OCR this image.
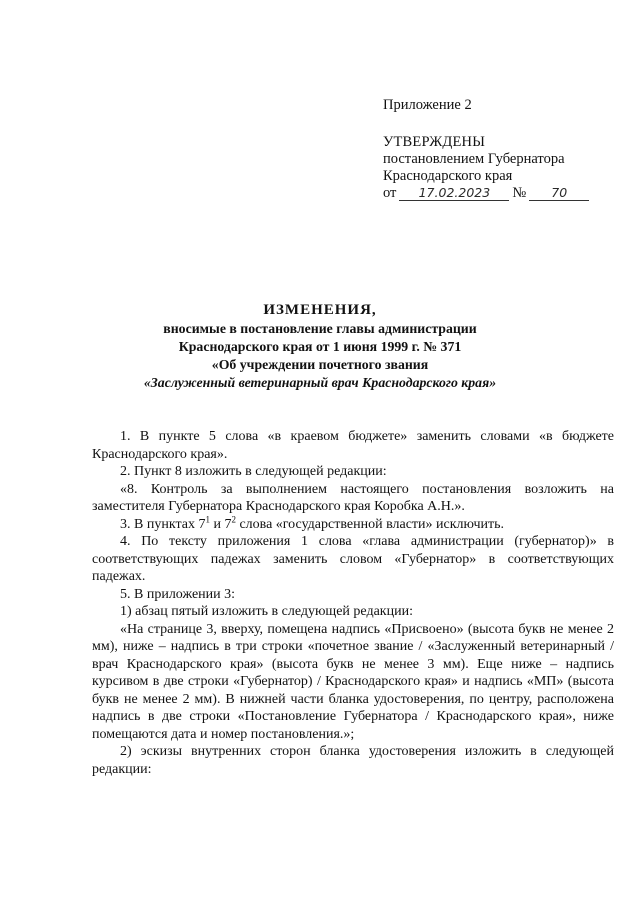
Приложение 2
УТВЕРЖДЕНЫ
постановлением Губернатора
Краснодарского края
от 17.02.2023 № 70
ИЗМЕНЕНИЯ,
вносимые в постановление главы администрации
Краснодарского края от 1 июня 1999 г. № 371
«Об учреждении почетного звания
«Заслуженный ветеринарный врач Краснодарского края»

1. В пункте 5 слова «в краевом бюджете» заменить словами «в бюджете Краснодарского края».

2. Пункт 8 изложить в следующей редакции:

«8. Контроль за выполнением настоящего постановления возложить на заместителя Губернатора Краснодарского края Коробка А.Н.».

3. В пунктах $7^1$ и $7^2$ слова «государственной власти» исключить.

4. По тексту приложения 1 слова «глава администрации (губернатор)» в соответствующих падежах заменить словом «Губернатор» в соответствующих падежах.

5. В приложении 3:

1) абзац пятый изложить в следующей редакции:

«На странице 3, вверху, помещена надпись «Присвоено» (высота букв не менее 2 мм), ниже – надпись в три строки «почетное звание / «Заслуженный ветеринарный / врач Краснодарского края» (высота букв не менее 3 мм). Еще ниже – надпись курсивом в две строки «Губернатор) / Краснодарского края» и надпись «МП» (высота букв не менее 2 мм). В нижней части бланка удостоверения, по центру, расположена надпись в две строки «Постановление Губернатора / Краснодарского края», ниже помещаются дата и номер постановления.»;

2) эскизы внутренних сторон бланка удостоверения изложить в следующей редакции:
